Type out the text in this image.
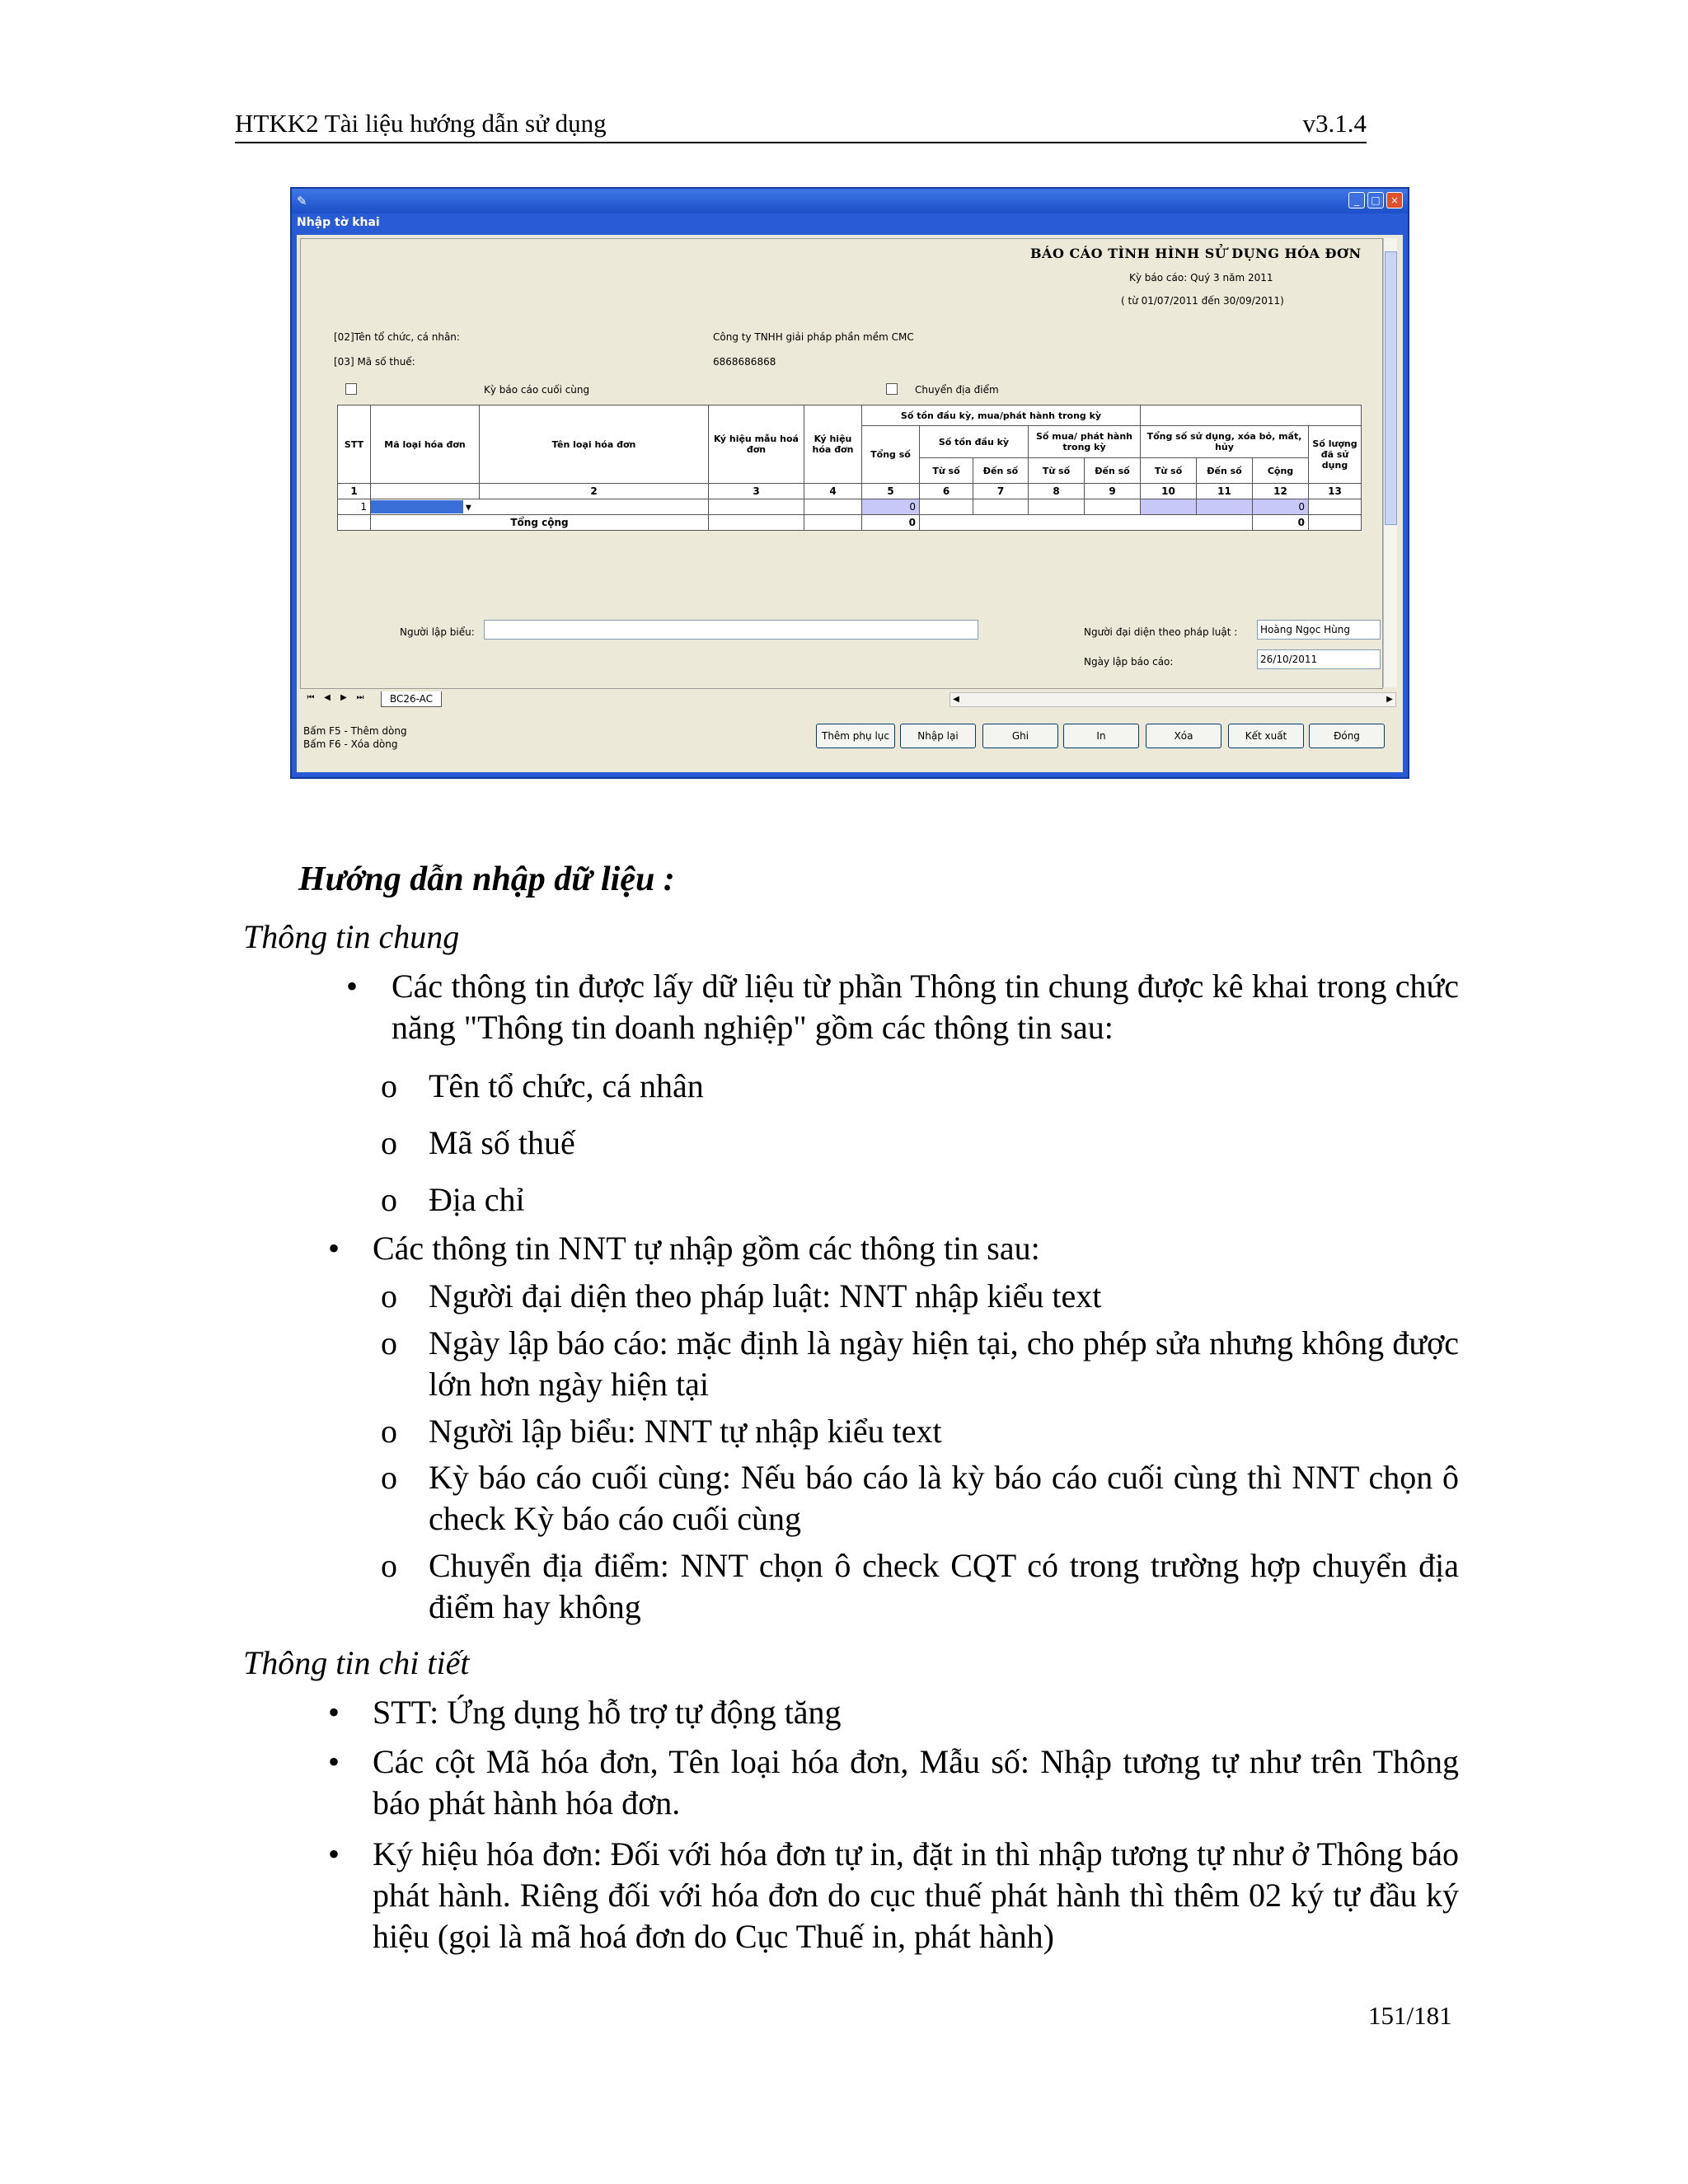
HTKK2 Tài liệu hướng dẫn sử dụng	v3.1.4
✎	_	□	×
Nhập tờ khai
BÁO CÁO TÌNH HÌNH SỬ DỤNG HÓA ĐƠN
Kỳ báo cáo: Quý 3 năm 2011
( từ 01/07/2011 đến 30/09/2011)
[02]Tên tổ chức, cá nhân:	Công ty TNHH giải pháp phần mềm CMC
[03] Mã số thuế:	6868686868
Kỳ báo cáo cuối cùng	Chuyển địa điểm
STT	Mã loại hóa đơn	Tên loại hóa đơn	Ký hiệu mẫu hoá đơn	Ký hiệu hóa đơn	Số tồn đầu kỳ, mua/phát hành trong kỳ								
					Tổng số	Số tồn đầu kỳ		Số mua/ phát hành trong kỳ		Tổng số sử dụng, xóa bỏ, mất, hủy			Số lượng đã sử dụng
						Từ số	Đến số	Từ số	Đến số	Từ số	Đến số	Cộng	
1		2	3	4	5	6	7	8	9	10	11	12	13
1	▼				0							0	
	Tổng cộng				0							0	
Người lập biểu:	Người đại diện theo pháp luật :	Hoàng Ngọc Hùng
Ngày lập báo cáo:	26/10/2011
⏮	◀	▶	⏭	BC26-AC	◀	▶
Bấm F5 - Thêm dòng
Bấm F6 - Xóa dòng
Thêm phụ lục	Nhập lại	Ghi	In	Xóa	Kết xuất	Đóng
Hướng dẫn nhập dữ liệu :
Thông tin chung
• Các thông tin được lấy dữ liệu từ phần Thông tin chung được kê khai trong chức năng "Thông tin doanh nghiệp" gồm các thông tin sau:
o Tên tổ chức, cá nhân
o Mã số thuế
o Địa chỉ
• Các thông tin NNT tự nhập gồm các thông tin sau:
o Người đại diện theo pháp luật: NNT nhập kiểu text
o Ngày lập báo cáo: mặc định là ngày hiện tại, cho phép sửa nhưng không được lớn hơn ngày hiện tại
o Người lập biểu: NNT tự nhập kiểu text
o Kỳ báo cáo cuối cùng: Nếu báo cáo là kỳ báo cáo cuối cùng thì NNT chọn ô check Kỳ báo cáo cuối cùng
o Chuyển địa điểm: NNT chọn ô check CQT có trong trường hợp chuyển địa điểm hay không
Thông tin chi tiết
• STT: Ứng dụng hỗ trợ tự động tăng
• Các cột Mã hóa đơn, Tên loại hóa đơn, Mẫu số: Nhập tương tự như trên Thông báo phát hành hóa đơn.
• Ký hiệu hóa đơn: Đối với hóa đơn tự in, đặt in thì nhập tương tự như ở Thông báo phát hành. Riêng đối với hóa đơn do cục thuế phát hành thì thêm 02 ký tự đầu ký hiệu (gọi là mã hoá đơn do Cục Thuế in, phát hành)
151/181
